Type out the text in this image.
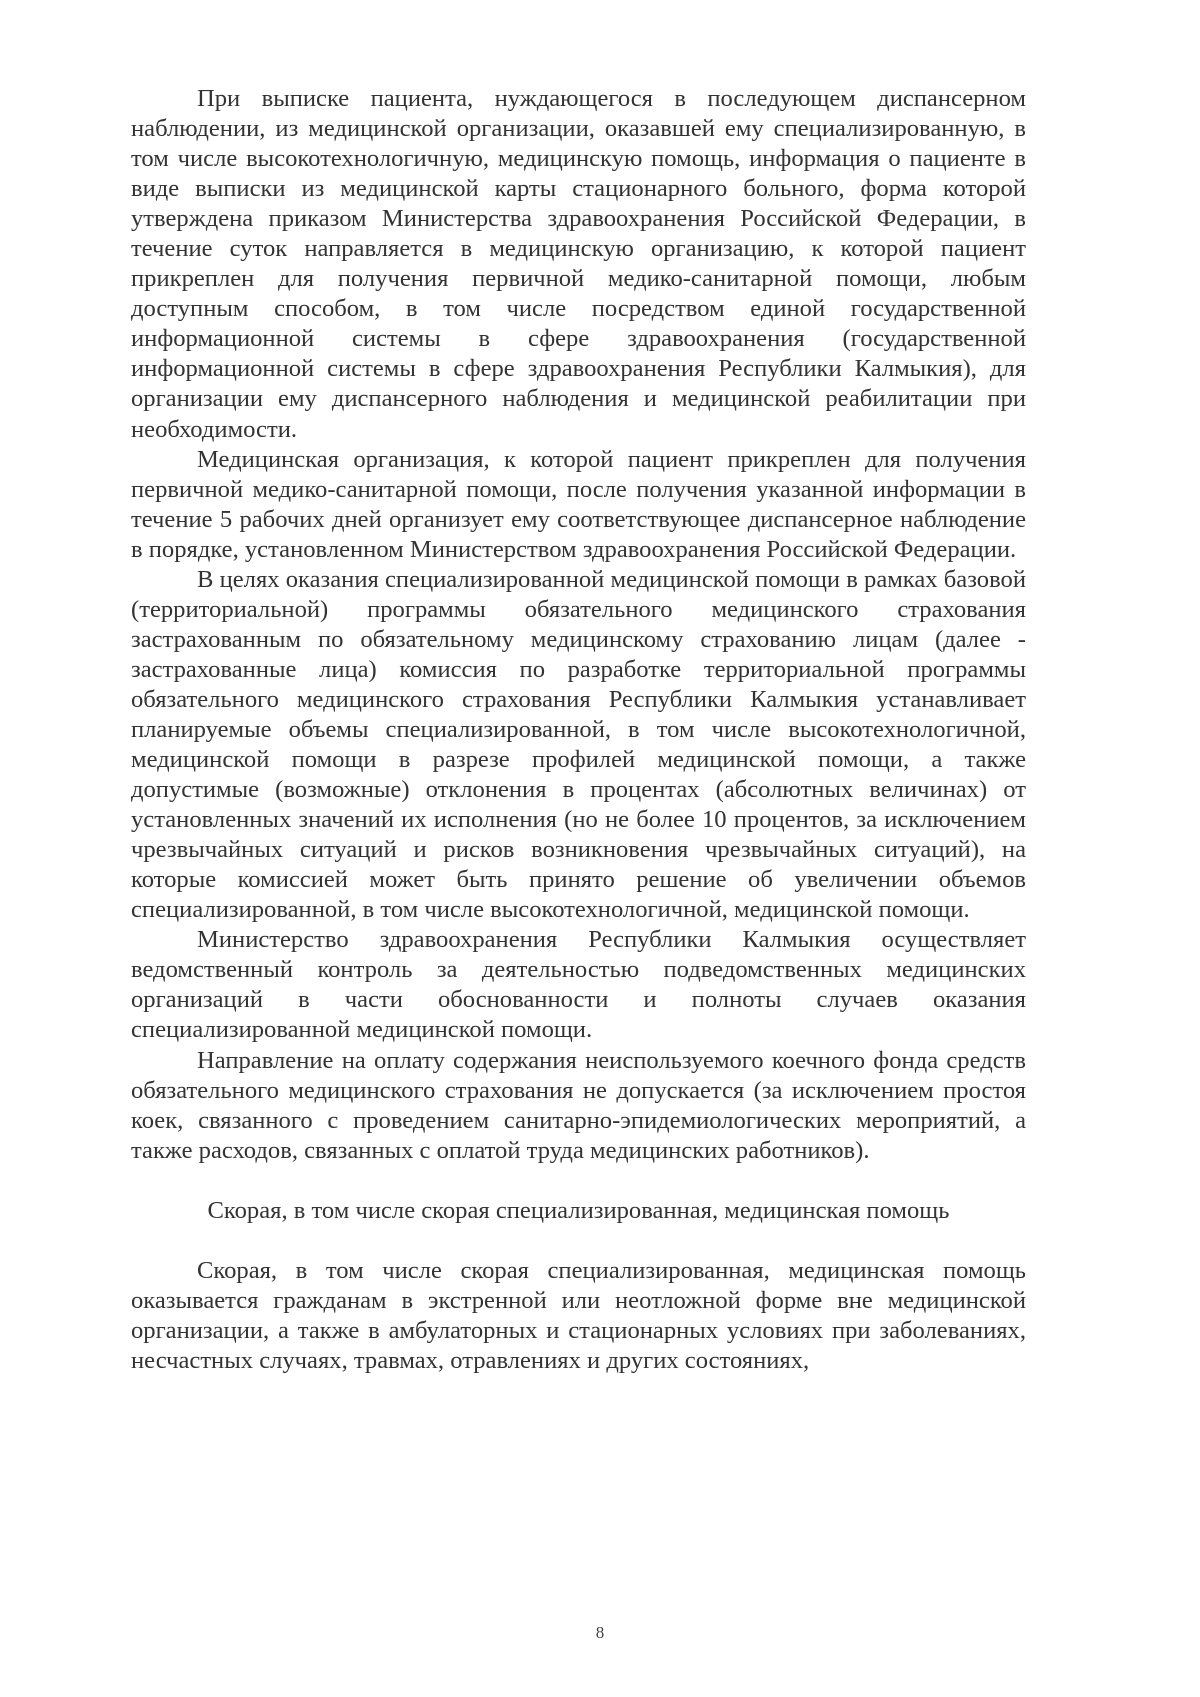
При выписке пациента, нуждающегося в последующем диспансерном наблюдении, из медицинской организации, оказавшей ему специализированную, в том числе высокотехнологичную, медицинскую помощь, информация о пациенте в виде выписки из медицинской карты стационарного больного, форма которой утверждена приказом Министерства здравоохранения Российской Федерации, в течение суток направляется в медицинскую организацию, к которой пациент прикреплен для получения первичной медико-санитарной помощи, любым доступным способом, в том числе посредством единой государственной информационной системы в сфере здравоохранения (государственной информационной системы в сфере здравоохранения Республики Калмыкия), для организации ему диспансерного наблюдения и медицинской реабилитации при необходимости.

Медицинская организация, к которой пациент прикреплен для получения первичной медико-санитарной помощи, после получения указанной информации в течение 5 рабочих дней организует ему соответствующее диспансерное наблюдение в порядке, установленном Министерством здравоохранения Российской Федерации.

В целях оказания специализированной медицинской помощи в рамках базовой (территориальной) программы обязательного медицинского страхования застрахованным по обязательному медицинскому страхованию лицам (далее - застрахованные лица) комиссия по разработке территориальной программы обязательного медицинского страхования Республики Калмыкия устанавливает планируемые объемы специализированной, в том числе высокотехнологичной, медицинской помощи в разрезе профилей медицинской помощи, а также допустимые (возможные) отклонения в процентах (абсолютных величинах) от установленных значений их исполнения (но не более 10 процентов, за исключением чрезвычайных ситуаций и рисков возникновения чрезвычайных ситуаций), на которые комиссией может быть принято решение об увеличении объемов специализированной, в том числе высокотехнологичной, медицинской помощи.

Министерство здравоохранения Республики Калмыкия осуществляет ведомственный контроль за деятельностью подведомственных медицинских организаций в части обоснованности и полноты случаев оказания специализированной медицинской помощи.

Направление на оплату содержания неиспользуемого коечного фонда средств обязательного медицинского страхования не допускается (за исключением простоя коек, связанного с проведением санитарно-эпидемиологических мероприятий, а также расходов, связанных с оплатой труда медицинских работников).

Скорая, в том числе скорая специализированная, медицинская помощь

Скорая, в том числе скорая специализированная, медицинская помощь оказывается гражданам в экстренной или неотложной форме вне медицинской организации, а также в амбулаторных и стационарных условиях при заболеваниях, несчастных случаях, травмах, отравлениях и других состояниях,

8
